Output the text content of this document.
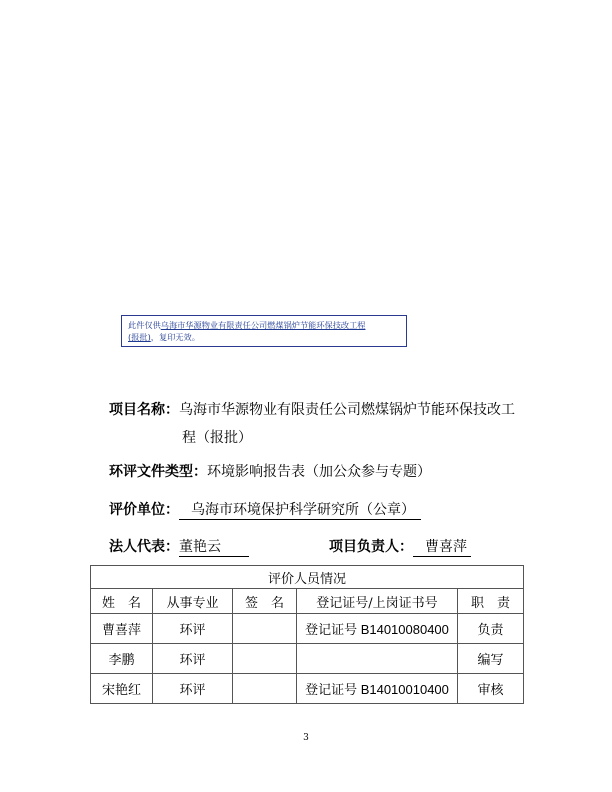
此件仅供乌海市华源物业有限责任公司燃煤锅炉节能环保技改工程
(报批)，复印无效。
项目名称：乌海市华源物业有限责任公司燃煤锅炉节能环保技改工
程（报批）
环评文件类型：环境影响报告表（加公众参与专题）
评价单位： 乌海市环境保护科学研究所（公章）
法人代表：董艳云	项目负责人： 曹喜萍
评价人员情况				
姓　名	从事专业	签　名	登记证号/上岗证书号	职　责
曹喜萍	环评		登记证号 B14010080400	负责
李鹏	环评			编写
宋艳红	环评		登记证号 B14010010400	审核
3
